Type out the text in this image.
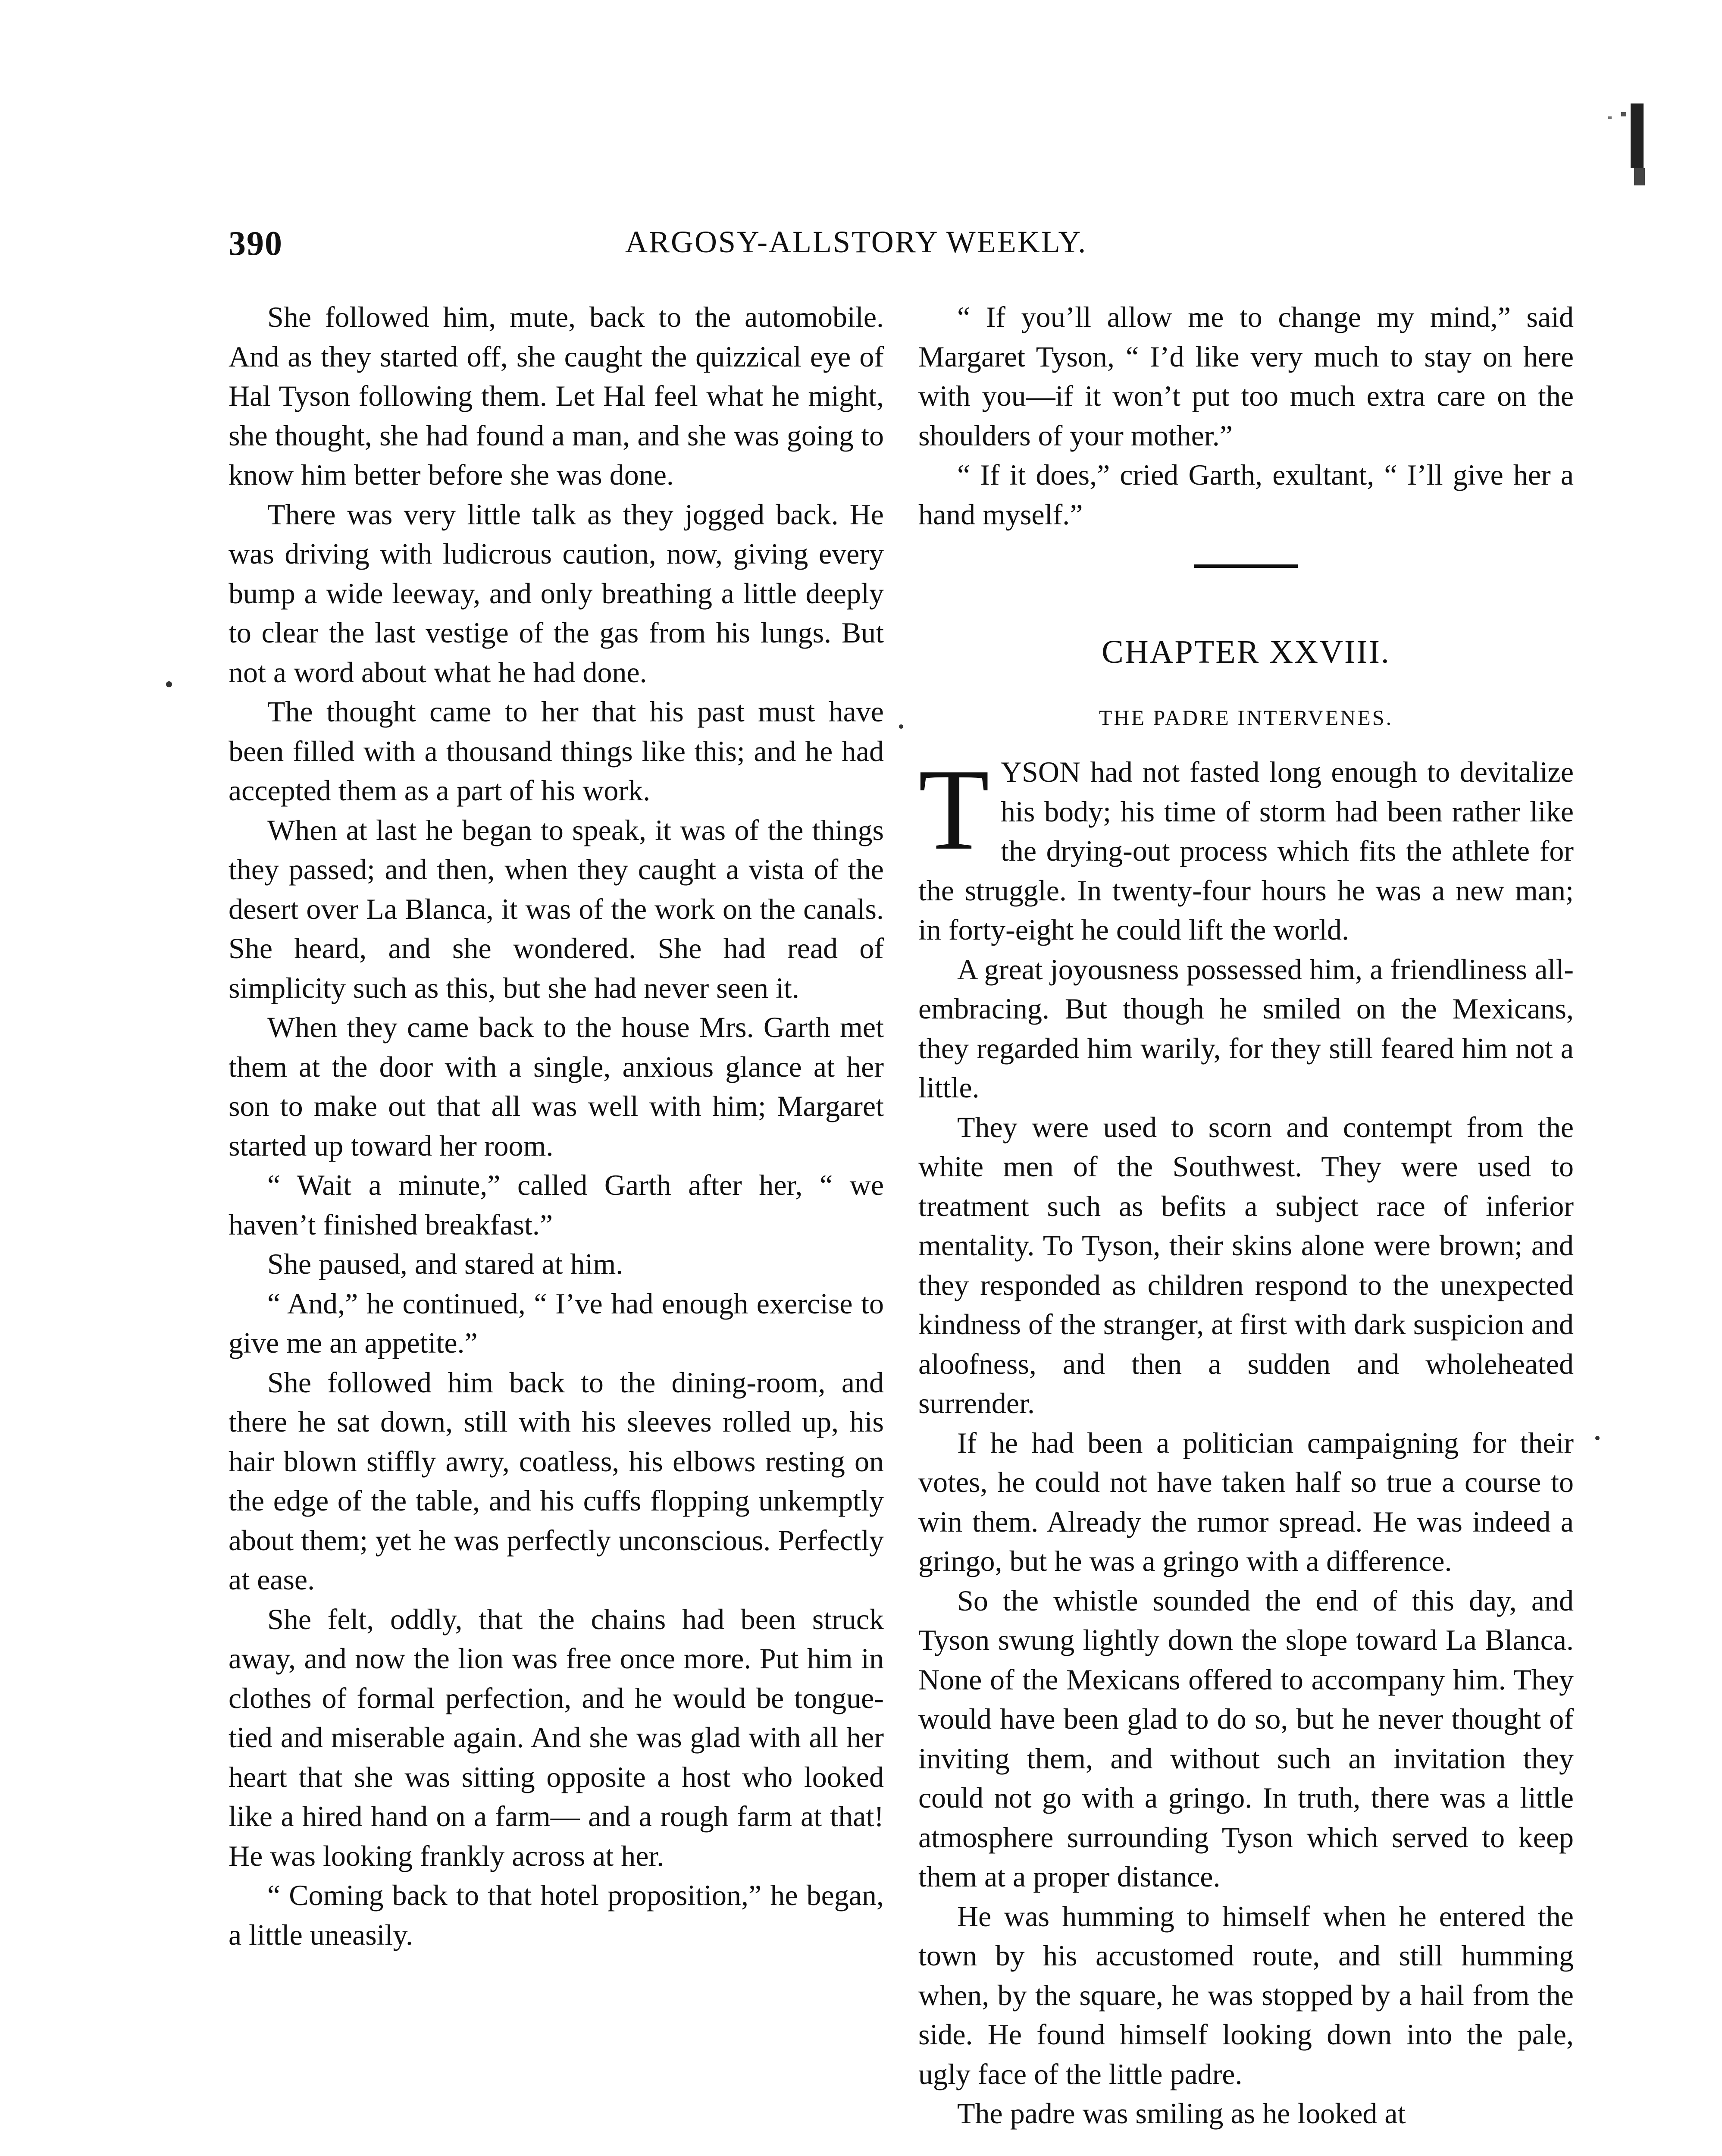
390	ARGOSY-ALLSTORY WEEKLY.

She followed him, mute, back to the automobile. And as they started off, she caught the quizzical eye of Hal Tyson following them. Let Hal feel what he might, she thought, she had found a man, and she was going to know him better before she was done.

There was very little talk as they jogged back. He was driving with ludicrous caution, now, giving every bump a wide leeway, and only breathing a little deeply to clear the last vestige of the gas from his lungs. But not a word about what he had done.

The thought came to her that his past must have been filled with a thousand things like this; and he had accepted them as a part of his work.

When at last he began to speak, it was of the things they passed; and then, when they caught a vista of the desert over La Blanca, it was of the work on the canals. She heard, and she wondered. She had read of simplicity such as this, but she had never seen it.

When they came back to the house Mrs. Garth met them at the door with a single, anxious glance at her son to make out that all was well with him; Margaret started up toward her room.

“ Wait a minute,” called Garth after her, “ we haven’t finished breakfast.”

She paused, and stared at him.

“ And,” he continued, “ I’ve had enough exercise to give me an appetite.”

She followed him back to the dining-room, and there he sat down, still with his sleeves rolled up, his hair blown stiffly awry, coatless, his elbows resting on the edge of the table, and his cuffs flopping unkemptly about them; yet he was perfectly unconscious. Perfectly at ease.

She felt, oddly, that the chains had been struck away, and now the lion was free once more. Put him in clothes of formal perfection, and he would be tongue-tied and miserable again. And she was glad with all her heart that she was sitting opposite a host who looked like a hired hand on a farm— and a rough farm at that! He was looking frankly across at her.

“ Coming back to that hotel proposition,” he began, a little uneasily.

“ If you’ll allow me to change my mind,” said Margaret Tyson, “ I’d like very much to stay on here with you—if it won’t put too much extra care on the shoulders of your mother.”

“ If it does,” cried Garth, exultant, “ I’ll give her a hand myself.”

CHAPTER XXVIII.
THE PADRE INTERVENES.

TYSON had not fasted long enough to devitalize his body; his time of storm had been rather like the drying-out process which fits the athlete for the struggle. In twenty-four hours he was a new man; in forty-eight he could lift the world.

A great joyousness possessed him, a friendliness all-embracing. But though he smiled on the Mexicans, they regarded him warily, for they still feared him not a little.

They were used to scorn and contempt from the white men of the Southwest. They were used to treatment such as befits a subject race of inferior mentality. To Tyson, their skins alone were brown; and they responded as children respond to the unexpected kindness of the stranger, at first with dark suspicion and aloofness, and then a sudden and wholeheated surrender.

If he had been a politician campaigning for their votes, he could not have taken half so true a course to win them. Already the rumor spread. He was indeed a gringo, but he was a gringo with a difference.

So the whistle sounded the end of this day, and Tyson swung lightly down the slope toward La Blanca. None of the Mexicans offered to accompany him. They would have been glad to do so, but he never thought of inviting them, and without such an invitation they could not go with a gringo. In truth, there was a little atmosphere surrounding Tyson which served to keep them at a proper distance.

He was humming to himself when he entered the town by his accustomed route, and still humming when, by the square, he was stopped by a hail from the side. He found himself looking down into the pale, ugly face of the little padre.

The padre was smiling as he looked at
